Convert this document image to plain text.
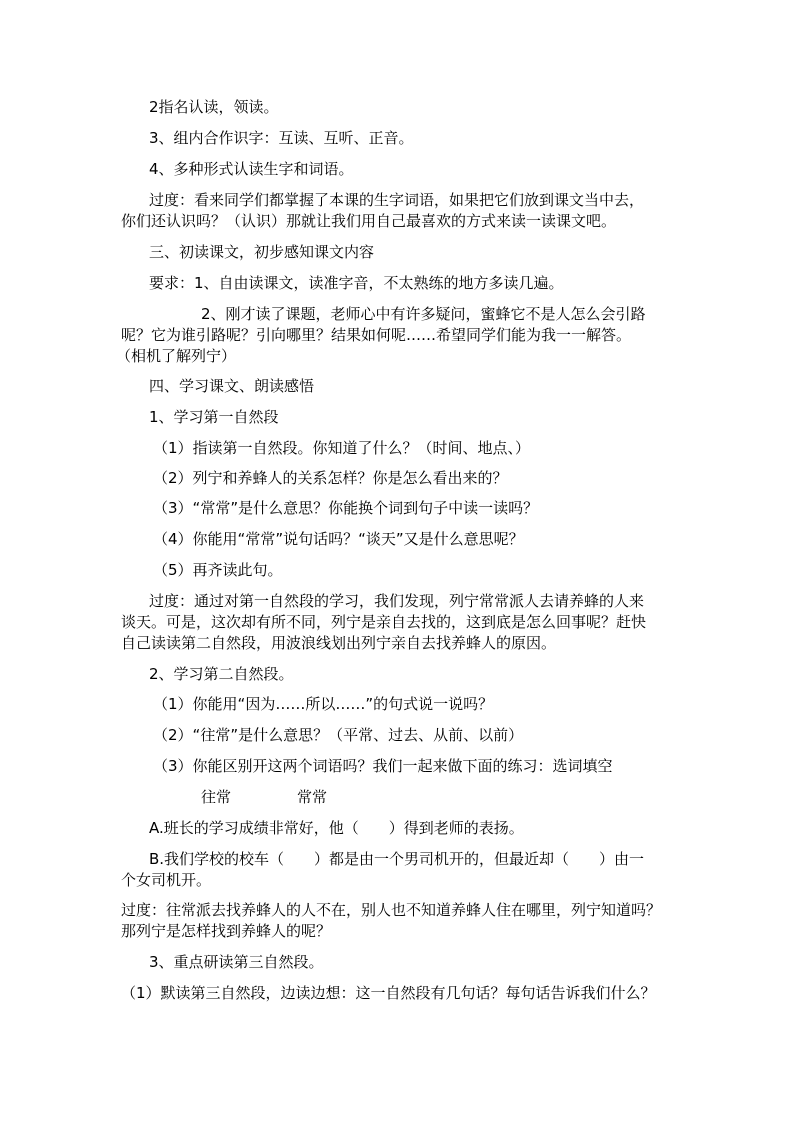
2指名认读，领读。
3、组内合作识字：互读、互听、正音。
4、多种形式认读生字和词语。
过度：看来同学们都掌握了本课的生字词语，如果把它们放到课文当中去，
你们还认识吗？（认识）那就让我们用自己最喜欢的方式来读一读课文吧。
三、初读课文，初步感知课文内容
要求：1、自由读课文，读准字音，不太熟练的地方多读几遍。
2、刚才读了课题，老师心中有许多疑问，蜜蜂它不是人怎么会引路
呢？它为谁引路呢？引向哪里？结果如何呢……希望同学们能为我一一解答。
（相机了解列宁）
四、学习课文、朗读感悟
1、学习第一自然段
（1）指读第一自然段。你知道了什么？（时间、地点、）
（2）列宁和养蜂人的关系怎样？你是怎么看出来的？
（3）“常常”是什么意思？你能换个词到句子中读一读吗？
（4）你能用“常常”说句话吗？“谈天”又是什么意思呢？
（5）再齐读此句。
过度：通过对第一自然段的学习，我们发现，列宁常常派人去请养蜂的人来
谈天。可是，这次却有所不同，列宁是亲自去找的，这到底是怎么回事呢？赶快
自己读读第二自然段，用波浪线划出列宁亲自去找养蜂人的原因。
2、学习第二自然段。
（1）你能用“因为……所以……”的句式说一说吗？
（2）“往常”是什么意思？（平常、过去、从前、以前）
（3）你能区别开这两个词语吗？我们一起来做下面的练习：选词填空
往常	常常
A.班长的学习成绩非常好，他（　　）得到老师的表扬。
B.我们学校的校车（　　）都是由一个男司机开的，但最近却（　　）由一
个女司机开。
过度：往常派去找养蜂人的人不在，别人也不知道养蜂人住在哪里，列宁知道吗？
那列宁是怎样找到养蜂人的呢？
3、重点研读第三自然段。
（1）默读第三自然段，边读边想：这一自然段有几句话？每句话告诉我们什么？
